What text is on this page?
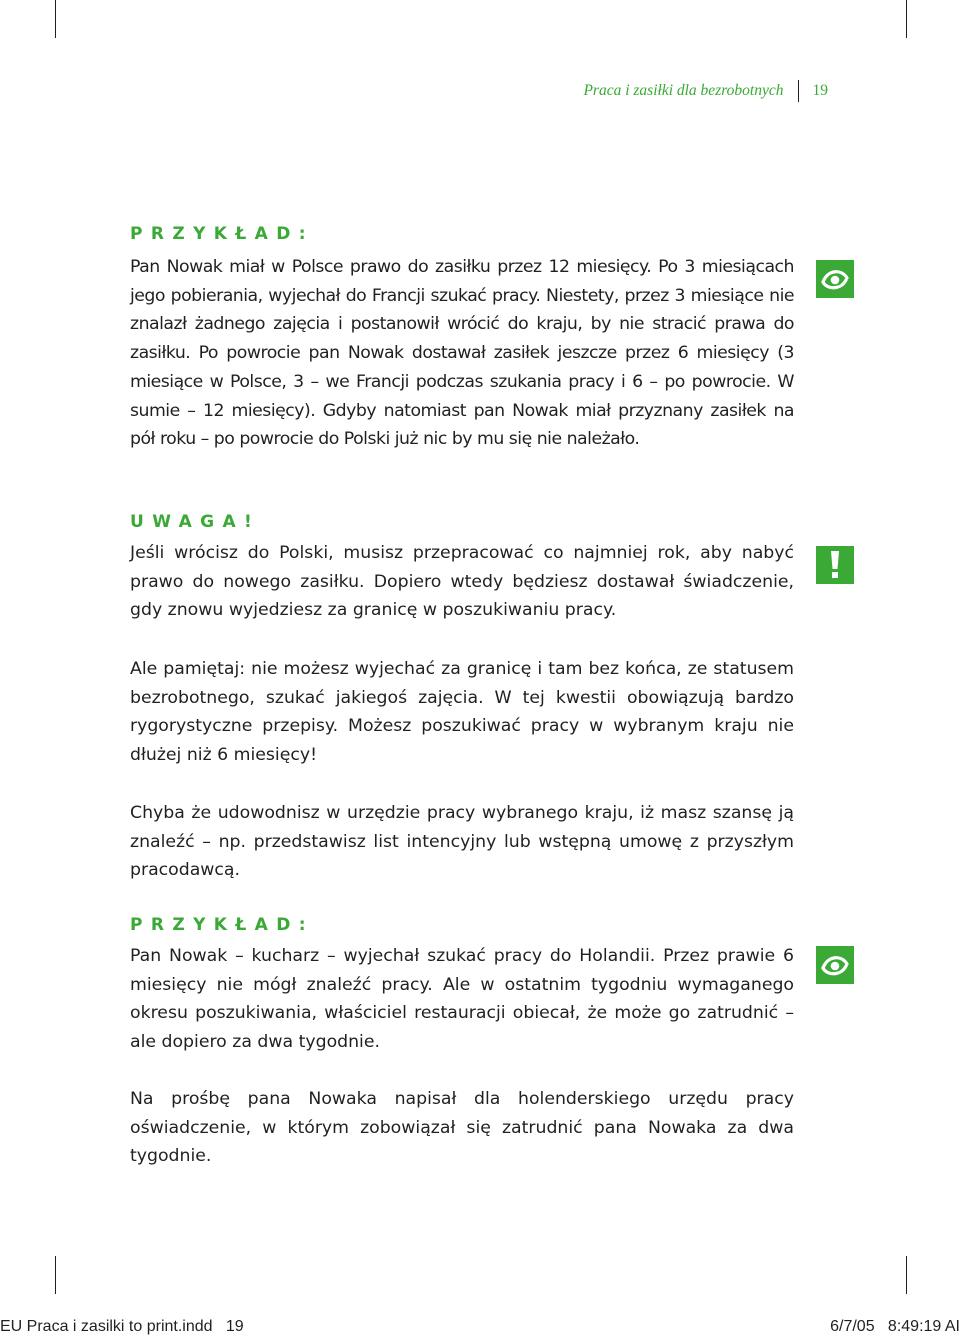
Praca i zasiłki dla bezrobotnych 19
PRZYKŁAD:

Pan Nowak miał w Polsce prawo do zasiłku przez 12 miesięcy. Po 3 miesiącach jego pobierania, wyjechał do Francji szukać pracy. Niestety, przez 3 miesiące nie znalazł żadnego zajęcia i postanowił wrócić do kraju, by nie stracić prawa do zasiłku. Po powrocie pan Nowak dostawał zasiłek jeszcze przez 6 miesięcy (3 miesiące w Polsce, 3 – we Francji podczas szukania pracy i 6 – po powrocie. W sumie – 12 miesięcy). Gdyby natomiast pan Nowak miał przyznany zasiłek na pół roku – po powrocie do Polski już nic by mu się nie należało.

UWAGA!

Jeśli wrócisz do Polski, musisz przepracować co najmniej rok, aby nabyć prawo do nowego zasiłku. Dopiero wtedy będziesz dostawał świadczenie, gdy znowu wyjedziesz za granicę w poszukiwaniu pracy.

Ale pamiętaj: nie możesz wyjechać za granicę i tam bez końca, ze statusem bezrobotnego, szukać jakiegoś zajęcia. W tej kwestii obowiązują bardzo rygorystyczne przepisy. Możesz poszukiwać pracy w wybranym kraju nie dłużej niż 6 miesięcy!

Chyba że udowodnisz w urzędzie pracy wybranego kraju, iż masz szansę ją znaleźć – np. przedstawisz list intencyjny lub wstępną umowę z przyszłym pracodawcą.

PRZYKŁAD:

Pan Nowak – kucharz – wyjechał szukać pracy do Holandii. Przez prawie 6 miesięcy nie mógł znaleźć pracy. Ale w ostatnim tygodniu wymaganego okresu poszukiwania, właściciel restauracji obiecał, że może go zatrudnić – ale dopiero za dwa tygodnie.

Na prośbę pana Nowaka napisał dla holenderskiego urzędu pracy oświadczenie, w którym zobowiązał się zatrudnić pana Nowaka za dwa tygodnie.

EU Praca i zasilki to print.indd   19	6/7/05   8:49:19 AI
